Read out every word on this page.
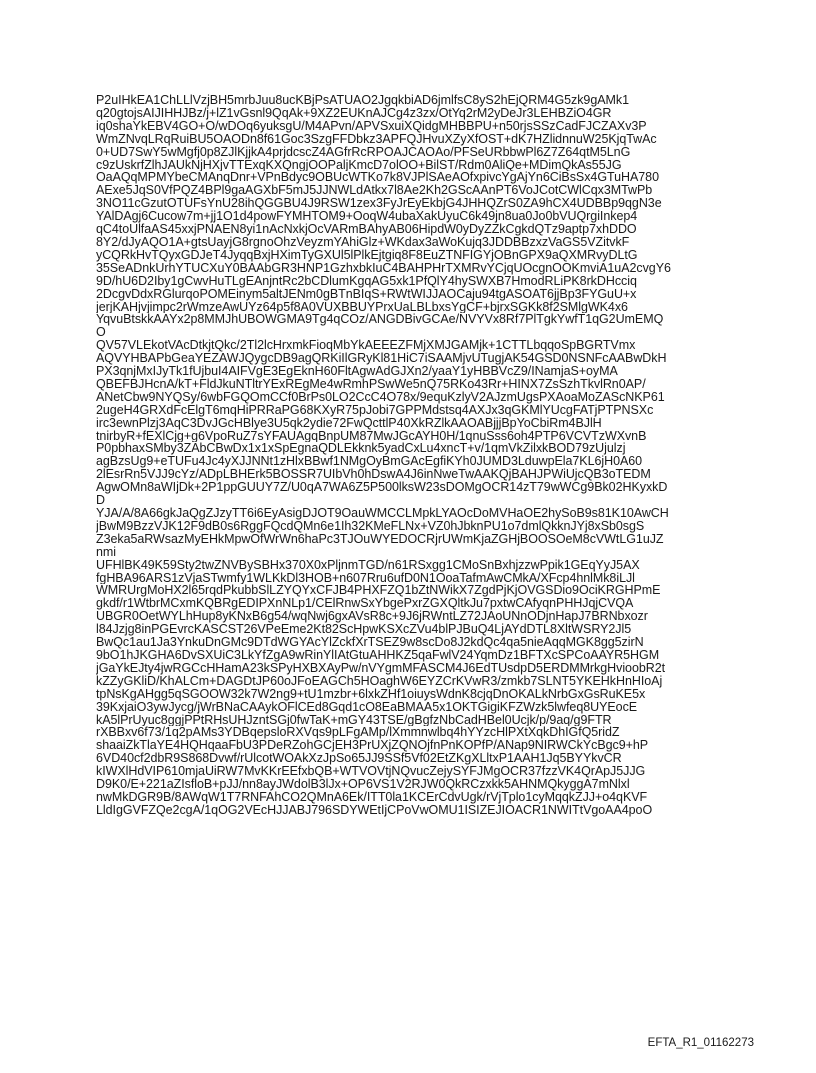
P2uIHkEA1ChLLlVzjBH5mrbJuu8ucKBjPsATUAO2JgqkbiAD6jmlfsC8yS2hEjQRM4G5zk9gAMk1
q20gtojsAIJIHHJBz/j+lZ1vGsnl9QqAk+9XZ2EUKnAJCg4z3zx/OtYq2rM2yDeJr3LEHBZiO4GR
iq0shaYkEBV4GO+O/wDOq6yuksgU/M4APvn/APVSxuiXQidgMHBBPU+n50rjsSSzCadFJCZAXv3P
WmZNvqLRqRuiBU5OAODn8f61Goc3SzgFFDbkz3APFQJHvuXZyXfOST+dK7HZlidnnuW25KjqTwAc
0+UD7SwY5wMgfj0p8ZJlKjjkA4prjdcscZ4AGfrRcRPOAJCAOAo/PFSeURbbwPl6Z7Z64qtM5LnG
c9zUskrfZlhJAUkNjHXjvTTExqKXQngjOOPaljKmcD7olOO+BilST/Rdm0AliQe+MDimQkAs55JG
OaAQqMPMYbeCMAnqDnr+VPnBdyc9OBUcWTKo7k8VJPlSAeAOfxpivcYgAjYn6CiBsSx4GTuHA780
AExe5JqS0VfPQZ4BPl9gaAGXbF5mJ5JJNWLdAtkx7l8Ae2Kh2GScAAnPT6VoJCotCWlCqx3MTwPb
3NO11cGzutOTUFsYnU28ihQGGBU4J9RSW1zex3FyJrEyEkbjG4JHHQZrS0ZA9hCX4UDBBp9qgN3e
YAlDAgj6Cucow7m+jj1O1d4powFYMHTOM9+OoqW4ubaXakUyuC6k49jn8ua0Jo0bVUQrgiInkep4
qC4toUlfaAS45xxjPNAEN8yi1nAcNxkjOcVARmBAhyAB06HipdW0yDyZZkCgkdQTz9aptp7xhDDO
8Y2/dJyAQO1A+gtsUayjG8rgnoOhzVeyzmYAhiGlz+WKdax3aWoKujq3JDDBBzxzVaGS5VZitvkF
yCQRkHvTQyxGDJeT4JyqqBxjHXimTyGXUl5lPlkEjtgiq8F8EuZTNFIGYjOBnGPX9aQXMRvyDLtG
35SeADnkUrhYTUCXuY0BAAbGR3HNP1GzhxbkIuC4BAHPHrTXMRvYCjqUOcgnOOKmviA1uA2cvgY6
9D/hU6D2Iby1gCwvHuTLgEAnjntRc2bCDlumKgqAG5xk1PfQlY4hySWXB7HmodRLiPK8rkDHcciq
2DcgvDdxRGlurqoPOMEinym5altJENm0gBTnBIqS+RWtWIJJAOCaju94tgASOAT6jjBp3FYGuU+x
jerjKAHjvjimpc2rWmzeAwUYz64p5f8A0VUXBBUYPrxUaLBLbxsYgCF+bjrxSGKk8f2SMlgWK4x6
YqvuBtskkAAYx2p8MMJhUBOWGMA9Tg4qCOz/ANGDBivGCAe/NVYVx8Rf7PlTgkYwfT1qG2UmEMQ
O
QV57VLEkotVAcDtkjtQkc/2Tl2lcHrxmkFioqMbYkAEEEZFMjXMJGAMjk+1CTTLbqqoSpBGRTVmx
AQVYHBAPbGeaYEZAWJQygcDB9agQRKiIlGRyKl81HiC7iSAAMjvUTugjAK54GSD0NSNFcAABwDkH
PX3qnjMxIJyTk1fUjbuI4AIFVgE3EgEknH60FltAgwAdGJXn2/yaaY1yHBBVcZ9/INamjaS+oyMA
QBEFBJHcnA/kT+FldJkuNTltrYExREgMe4wRmhPSwWe5nQ75RKo43Rr+HINX7ZsSzhTkvlRn0AP/
ANetCbw9NYQSy/6wbFGQOmCCf0BrPs0LO2CcC4O78x/9equKzlyV2AJzmUgsPXAoaMoZAScNKP61
2ugeH4GRXdFcElgT6mqHiPRRaPG68KXyR75pJobi7GPPMdstsq4AXJx3qGKMlYUcgFATjPTPNSXc
irc3ewnPlzj3AqC3DvJGcHBlye3U5qk2ydie72FwQcttlP40XkRZlkAAOABjjjBpYoCbiRm4BJlH
tnirbyR+fEXlCjg+g6VpoRuZ7sYFAUAgqBnpUM87MwJGcAYH0H/1qnuSss6oh4PTP6VCVTzWXvnB
P0pbhaxSMby3ZAbCBwDx1x1xSpEgnaQDLEkknk5yadCxLu4xncT+v/1qmVkZilxkBOD79zUjulzj
agBzsUg9+eTUFu4Jc4yXJJNNt1zHlxBBwf1NMgOyBmGAcEgfiKYh0JUMD3LduwpEla7KL6jH0A60
2lEsrRn5VJJ9cYz/ADpLBHErk5BOSSR7UIbVh0hDswA4J6inNweTwAAKQjBAHJPWiUjcQB3oTEDM
AgwOMn8aWIjDk+2P1ppGUUY7Z/U0qA7WA6Z5P500lksW23sDOMgOCR14zT79wWCg9Bk02HKyxkD
D
YJA/A/8A66gkJaQgZJzyTT6i6EyAsigDJOT9OauWMCCLMpkLYAOcDoMVHaOE2hySoB9s81K10AwCH
jBwM9BzzVJK12F9dB0s6RggFQcdQMn6e1Ih32KMeFLNx+VZ0hJbknPU1o7dmlQkknJYj8xSb0sgS
Z3eka5aRWsazMyEHkMpwOfWrWn6haPc3TJOuWYEDOCRjrUWmKjaZGHjBOOSOeM8cVWtLG1uJZ
nmi
UFHlBK49K59Sty2twZNVBySBHx370X0xPljnmTGD/n61RSxgg1CMoSnBxhjzzwPpik1GEqYyJ5AX
fgHBA96ARS1zVjaSTwmfy1WLKkDl3HOB+n607Rru6ufD0N1OoaTafmAwCMkA/XFcp4hnlMk8iLJl
WMRUrgMoHX2l65rqdPkubbSlLZYQYxCFJB4PHXFZQ1bZtNWikX7ZgdPjKjOVGSDio9OciKRGHPmE
gkdf/r1WtbrMCxmKQBRgEDIPXnNLp1/CElRnwSxYbgePxrZGXQltkJu7pxtwCAfyqnPHHJqjCVQA
UBGR0OetWYLhHup8yKNxB6g54/wqNwj6gxAVsR8c+9J6jRWntLZ72JAoUNnODjnHapJ7BRNbxozr
l84Jzjg8inPGEvrcKASCST26VPeEme2Kt82ScHpwKSXcZVu4blPJBuQ4LjAYdDTL8XltWSRY2Jl5
BwQc1au1Ja3YnkuDnGMc9DTdWGYAcYlZckfXrTSEZ9w8scDo8J2kdQc4qa5nieAqqMGK8gg5zirN
9bO1hJKGHA6DvSXUiC3LkYfZgA9wRinYlIAtGtuAHHKZ5qaFwlV24YqmDz1BFTXcSPCoAAYR5HGM
jGaYkEJty4jwRGCcHHamA23kSPyHXBXAyPw/nVYgmMFASCM4J6EdTUsdpD5ERDMMrkgHvioobR2t
kZZyGKliD/KhALCm+DAGDtJP60oJFoEAGCh5HOaghW6EYZCrKVwR3/zmkb7SLNT5YKEHkHnHIoAj
tpNsKgAHgg5qSGOOW32k7W2ng9+tU1mzbr+6lxkZHf1oiuysWdnK8cjqDnOKALkNrbGxGsRuKE5x
39KxjaiO3ywJycg/jWrBNaCAAykOFlCEd8Gqd1cO8EaBMAA5x1OKTGigiKFZWzk5lwfeq8UYEocE
kA5lPrUyuc8ggjPPtRHsUHJzntSGj0fwTaK+mGY43TSE/gBgfzNbCadHBel0Ucjk/p/9aq/g9FTR
rXBBxv6f73/1q2pAMs3YDBqepsloRXVqs9pLFgAMp/lXmmnwlbq4hYYzcHlPXtXqkDhIGfQ5ridZ
shaaiZkTlaYE4HQHqaaFbU3PDeRZohGCjEH3PrUXjZQNOjfnPnKOPfP/ANap9NIRWCkYcBgc9+hP
6VD40cf2dbR9S868Dvwf/rUlcotWOAkXzJpSo65JJ9SSf5Vf02EtZKgXLltxP1AAH1Jq5BYYkvCR
kIWXlHdVIP610mjaUiRW7MvKKrEEfxbQB+WTVOVtjNQvucZejySYFJMgOCR37fzzVK4QrApJ5JJG
D9K0/E+221aZIsfloB+pJJ/nn8ayJWdolB3lJx+OP6VS1V2RJW0QkRCzxkk5AHNMQkyggA7mNlxl
nwMkDGR9B/8AWqW1T7RNFAhCO2QMnA6Ek/ITT0la1KCErCdvUgk/rVjTplo1cyMqqkZJJ+o4qKVF
LldIgGVFZQe2cgA/1qOG2VEcHJJABJ796SDYWEtIjCPoVwOMU1ISIZEJIOACR1NWITtVgoAA4poO
EFTA_R1_01162273
